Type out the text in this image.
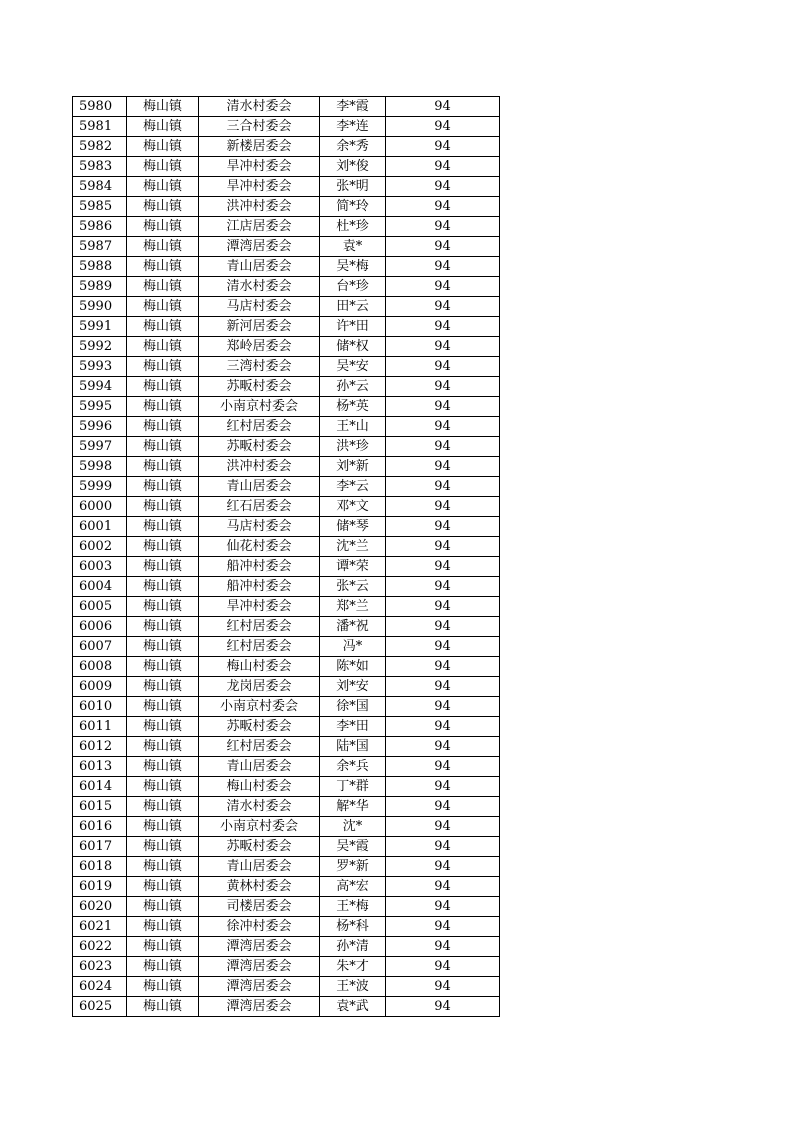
5980	梅山镇	清水村委会	李*霞	94
5981	梅山镇	三合村委会	李*连	94
5982	梅山镇	新楼居委会	余*秀	94
5983	梅山镇	旱冲村委会	刘*俊	94
5984	梅山镇	旱冲村委会	张*明	94
5985	梅山镇	洪冲村委会	简*玲	94
5986	梅山镇	江店居委会	杜*珍	94
5987	梅山镇	潭湾居委会	袁*	94
5988	梅山镇	青山居委会	吴*梅	94
5989	梅山镇	清水村委会	台*珍	94
5990	梅山镇	马店村委会	田*云	94
5991	梅山镇	新河居委会	许*田	94
5992	梅山镇	郑岭居委会	储*权	94
5993	梅山镇	三湾村委会	吴*安	94
5994	梅山镇	苏畈村委会	孙*云	94
5995	梅山镇	小南京村委会	杨*英	94
5996	梅山镇	红村居委会	王*山	94
5997	梅山镇	苏畈村委会	洪*珍	94
5998	梅山镇	洪冲村委会	刘*新	94
5999	梅山镇	青山居委会	李*云	94
6000	梅山镇	红石居委会	邓*文	94
6001	梅山镇	马店村委会	储*琴	94
6002	梅山镇	仙花村委会	沈*兰	94
6003	梅山镇	船冲村委会	谭*荣	94
6004	梅山镇	船冲村委会	张*云	94
6005	梅山镇	旱冲村委会	郑*兰	94
6006	梅山镇	红村居委会	潘*祝	94
6007	梅山镇	红村居委会	冯*	94
6008	梅山镇	梅山村委会	陈*如	94
6009	梅山镇	龙岗居委会	刘*安	94
6010	梅山镇	小南京村委会	徐*国	94
6011	梅山镇	苏畈村委会	李*田	94
6012	梅山镇	红村居委会	陆*国	94
6013	梅山镇	青山居委会	余*兵	94
6014	梅山镇	梅山村委会	丁*群	94
6015	梅山镇	清水村委会	解*华	94
6016	梅山镇	小南京村委会	沈*	94
6017	梅山镇	苏畈村委会	吴*霞	94
6018	梅山镇	青山居委会	罗*新	94
6019	梅山镇	黄林村委会	高*宏	94
6020	梅山镇	司楼居委会	王*梅	94
6021	梅山镇	徐冲村委会	杨*科	94
6022	梅山镇	潭湾居委会	孙*清	94
6023	梅山镇	潭湾居委会	朱*才	94
6024	梅山镇	潭湾居委会	王*波	94
6025	梅山镇	潭湾居委会	袁*武	94
